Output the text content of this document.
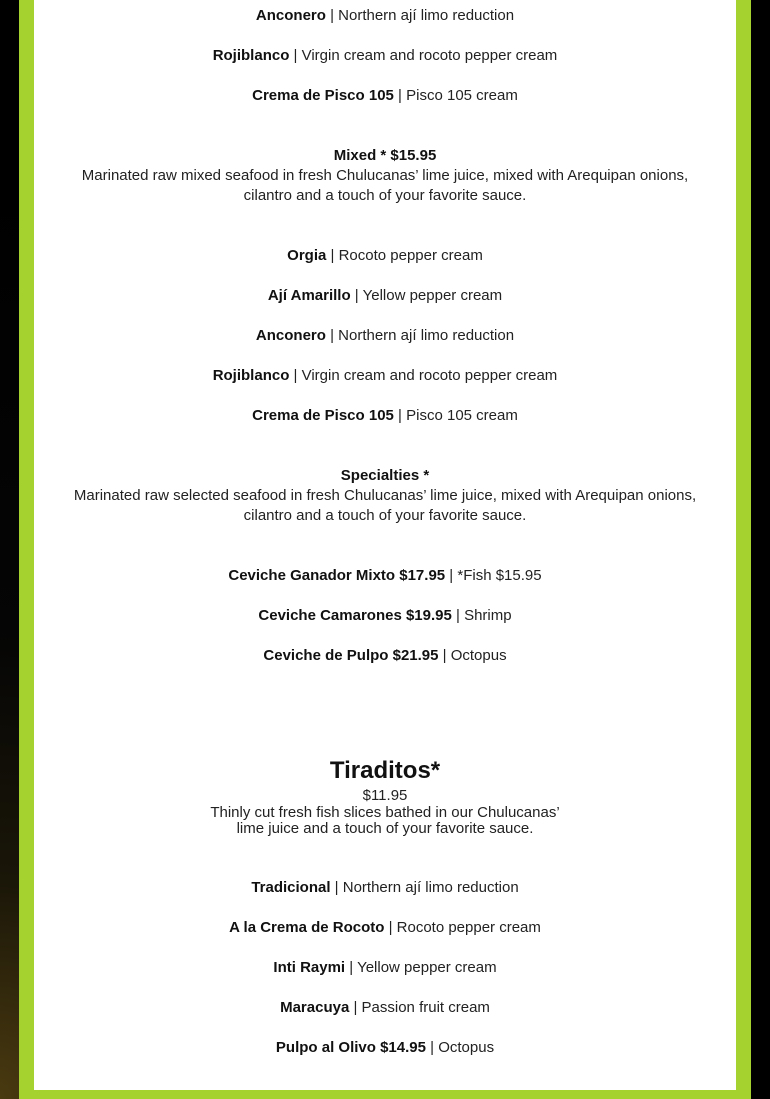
Anconero | Northern ají limo reduction
Rojiblanco | Virgin cream and rocoto pepper cream
Crema de Pisco 105 | Pisco 105 cream
Mixed * $15.95
Marinated raw mixed seafood in fresh Chulucanas’ lime juice, mixed with Arequipan onions, cilantro and a touch of your favorite sauce.
Orgia | Rocoto pepper cream
Ají Amarillo | Yellow pepper cream
Anconero | Northern ají limo reduction
Rojiblanco | Virgin cream and rocoto pepper cream
Crema de Pisco 105 | Pisco 105 cream
Specialties *
Marinated raw selected seafood in fresh Chulucanas’ lime juice, mixed with Arequipan onions, cilantro and a touch of your favorite sauce.
Ceviche Ganador Mixto $17.95 | *Fish $15.95
Ceviche Camarones $19.95 | Shrimp
Ceviche de Pulpo $21.95 | Octopus
Tiraditos*
$11.95
Thinly cut fresh fish slices bathed in our Chulucanas’
lime juice and a touch of your favorite sauce.
Tradicional | Northern ají limo reduction
A la Crema de Rocoto | Rocoto pepper cream
Inti Raymi | Yellow pepper cream
Maracuya | Passion fruit cream
Pulpo al Olivo $14.95 | Octopus
